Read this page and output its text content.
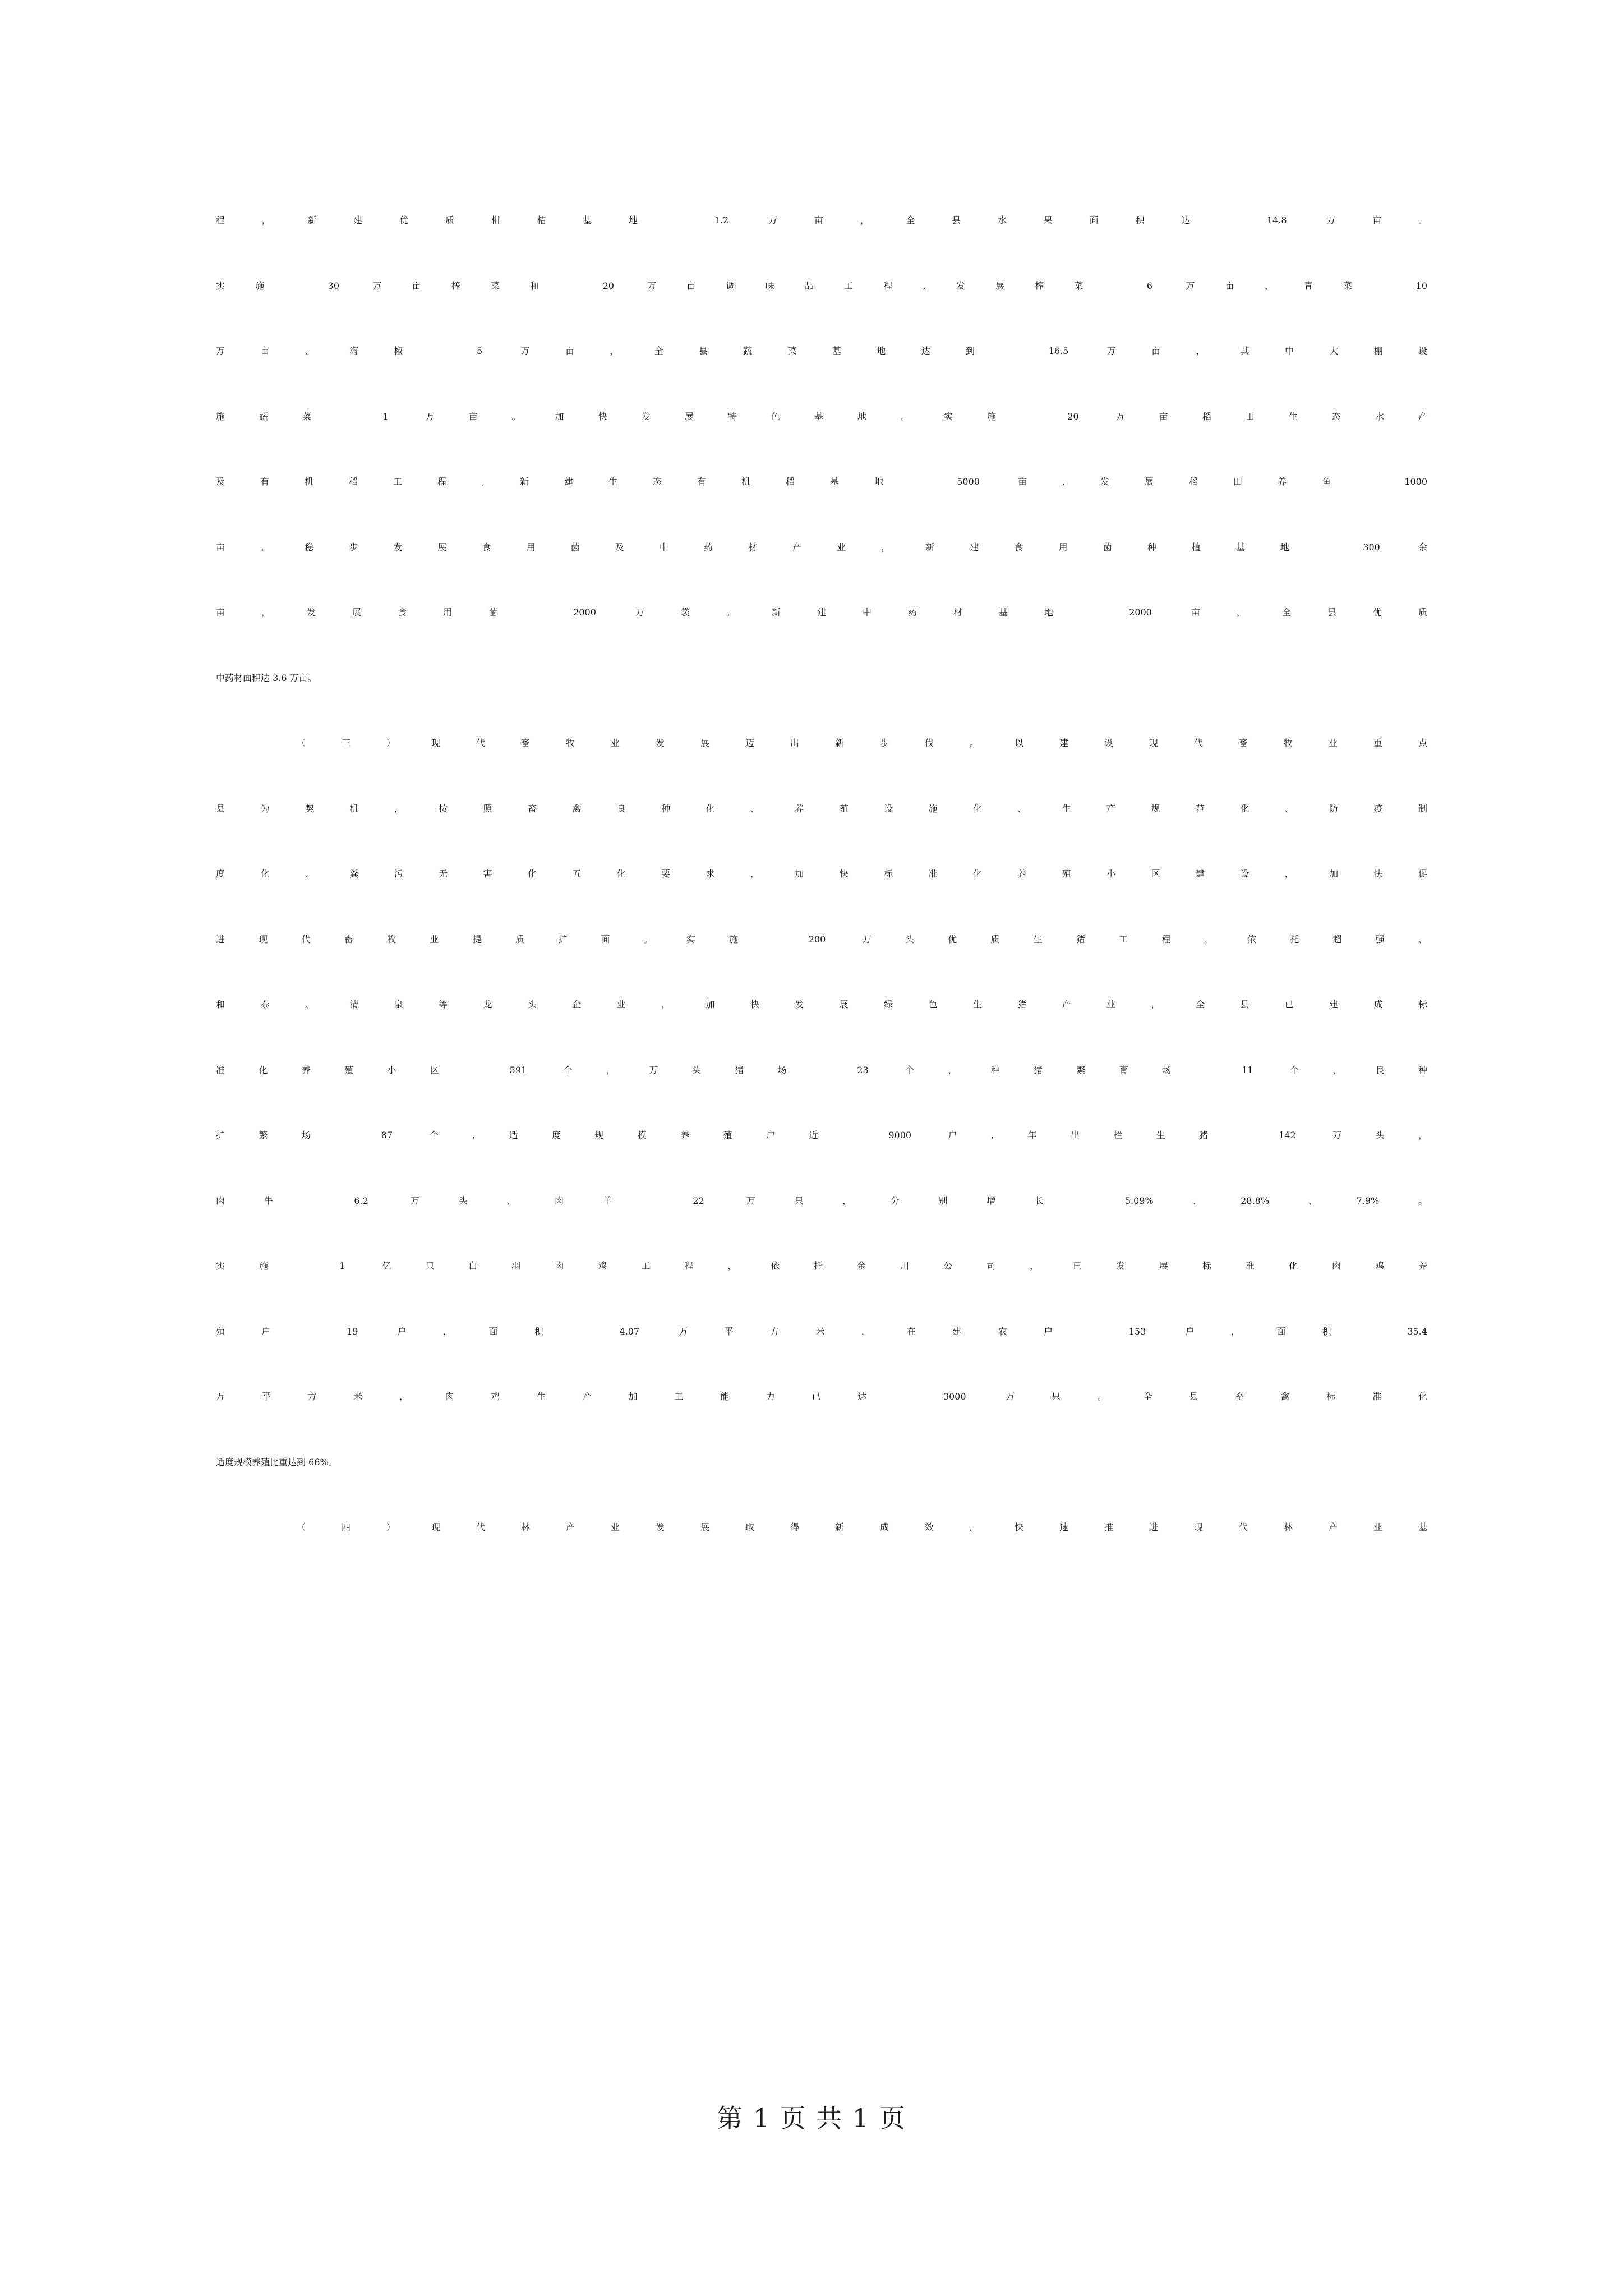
程，新建优质柑桔基地 1.2 万亩，全县水果面积达 14.8 万亩。
实施 30 万亩榨菜和 20 万亩调味品工程,发展榨菜 6 万亩、青菜 10
万亩、海椒 5 万亩，全县蔬菜基地达到 16.5 万亩，其中大棚设
施蔬菜 1 万亩。加快发展特色基地。实施 20 万亩稻田生态水产
及有机稻工程,新建生态有机稻基地 5000 亩,发展稻田养鱼 1000
亩。稳步发展食用菌及中药材产业，新建食用菌种植基地 300 余
亩，发展食用菌 2000 万袋。新建中药材基地 2000 亩，全县优质
中药材面积达 3.6 万亩。
（三）现代畜牧业发展迈出新步伐。以建设现代畜牧业重点
县为契机，按照畜禽良种化、养殖设施化、生产规范化、防疫制
度化、粪污无害化五化要求，加快标准化养殖小区建设，加快促
进现代畜牧业提质扩面。实施 200 万头优质生猪工程，依托超强、
和泰、清泉等龙头企业，加快发展绿色生猪产业，全县已建成标
准化养殖小区 591 个，万头猪场 23 个，种猪繁育场 11 个，良种
扩繁场 87 个,适度规模养殖户近 9000 户,年出栏生猪 142 万头，
肉牛 6.2 万头、肉羊 22 万只，分别增长 5.09%、28.8%、7.9%。
实施 1 亿只白羽肉鸡工程，依托金川公司，已发展标准化肉鸡养
殖户 19 户，面积 4.07 万平方米，在建农户 153 户，面积 35.4
万平方米，肉鸡生产加工能力已达 3000 万只。全县畜禽标准化
适度规模养殖比重达到 66%。
（四）现代林产业发展取得新成效。快速推进现代林产业基
第 1 页 共 1 页
